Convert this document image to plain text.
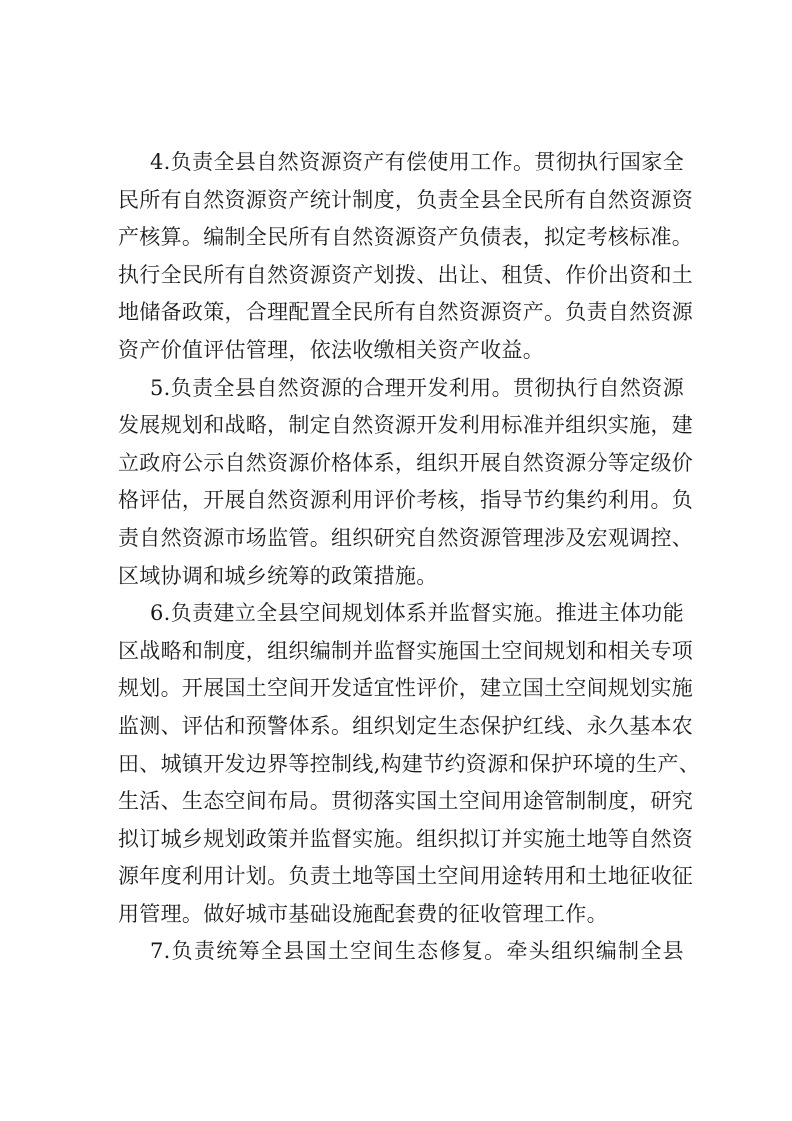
4.负责全县自然资源资产有偿使用工作。贯彻执行国家全
民所有自然资源资产统计制度，负责全县全民所有自然资源资
产核算。编制全民所有自然资源资产负债表，拟定考核标准。
执行全民所有自然资源资产划拨、出让、租赁、作价出资和土
地储备政策，合理配置全民所有自然资源资产。负责自然资源
资产价值评估管理，依法收缴相关资产收益。
5.负责全县自然资源的合理开发利用。贯彻执行自然资源
发展规划和战略，制定自然资源开发利用标准并组织实施，建
立政府公示自然资源价格体系，组织开展自然资源分等定级价
格评估，开展自然资源利用评价考核，指导节约集约利用。负
责自然资源市场监管。组织研究自然资源管理涉及宏观调控、
区域协调和城乡统筹的政策措施。
6.负责建立全县空间规划体系并监督实施。推进主体功能
区战略和制度，组织编制并监督实施国土空间规划和相关专项
规划。开展国土空间开发适宜性评价，建立国土空间规划实施
监测、评估和预警体系。组织划定生态保护红线、永久基本农
田、城镇开发边界等控制线,构建节约资源和保护环境的生产、
生活、生态空间布局。贯彻落实国土空间用途管制制度，研究
拟订城乡规划政策并监督实施。组织拟订并实施土地等自然资
源年度利用计划。负责土地等国土空间用途转用和土地征收征
用管理。做好城市基础设施配套费的征收管理工作。
7.负责统筹全县国土空间生态修复。牵头组织编制全县
